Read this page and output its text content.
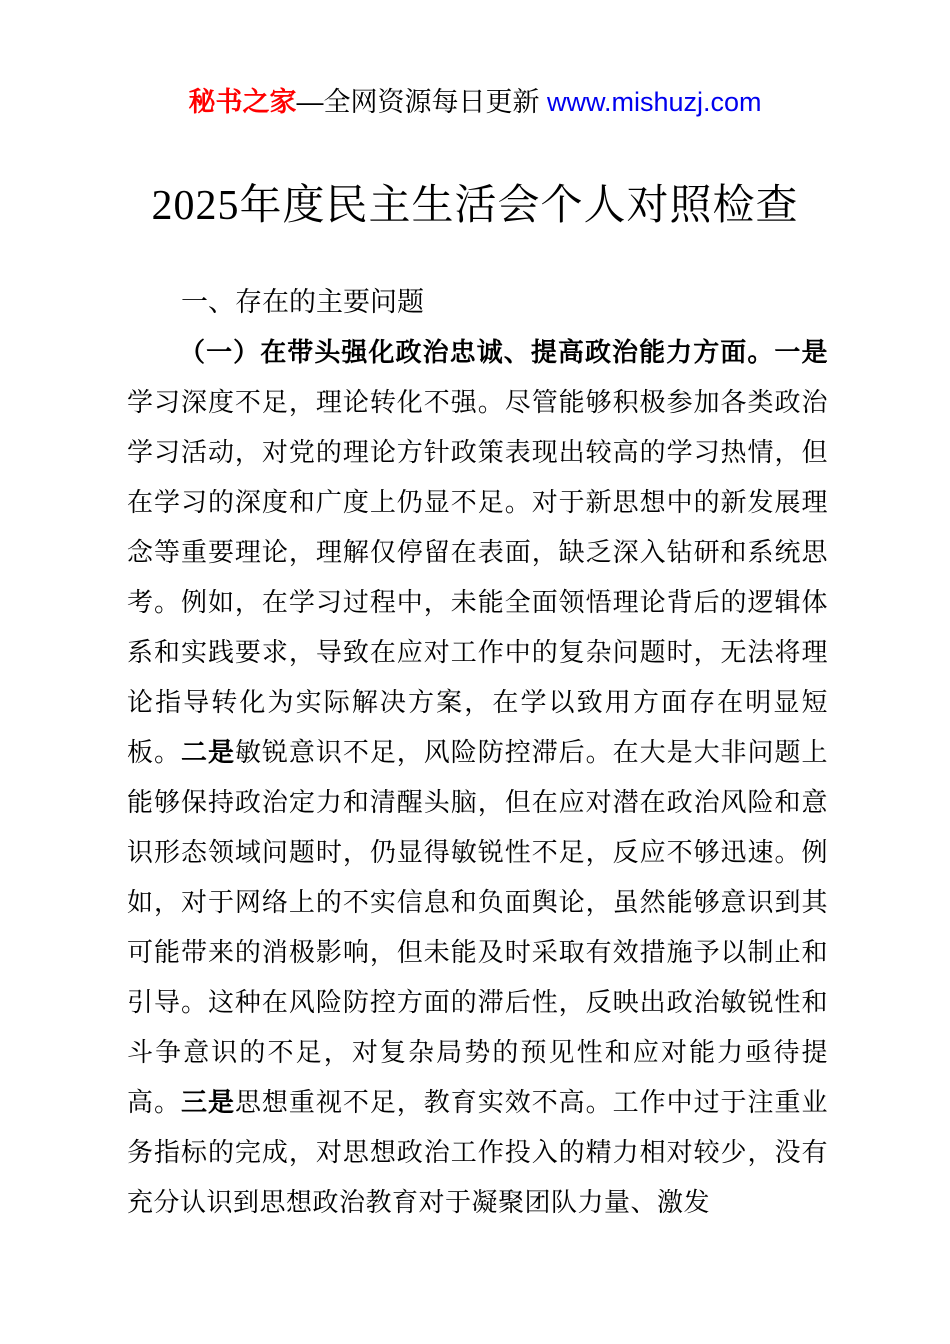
秘书之家—全网资源每日更新 www.mishuzj.com
2025年度民主生活会个人对照检查
一、存在的主要问题

（一）在带头强化政治忠诚、提高政治能力方面。一是学习深度不足，理论转化不强。尽管能够积极参加各类政治学习活动，对党的理论方针政策表现出较高的学习热情，但在学习的深度和广度上仍显不足。对于新思想中的新发展理念等重要理论，理解仅停留在表面，缺乏深入钻研和系统思考。例如，在学习过程中，未能全面领悟理论背后的逻辑体系和实践要求，导致在应对工作中的复杂问题时，无法将理论指导转化为实际解决方案，在学以致用方面存在明显短板。二是敏锐意识不足，风险防控滞后。在大是大非问题上能够保持政治定力和清醒头脑，但在应对潜在政治风险和意识形态领域问题时，仍显得敏锐性不足，反应不够迅速。例如，对于网络上的不实信息和负面舆论，虽然能够意识到其可能带来的消极影响，但未能及时采取有效措施予以制止和引导。这种在风险防控方面的滞后性，反映出政治敏锐性和斗争意识的不足，对复杂局势的预见性和应对能力亟待提高。三是思想重视不足，教育实效不高。工作中过于注重业务指标的完成，对思想政治工作投入的精力相对较少，没有充分认识到思想政治教育对于凝聚团队力量、激发
